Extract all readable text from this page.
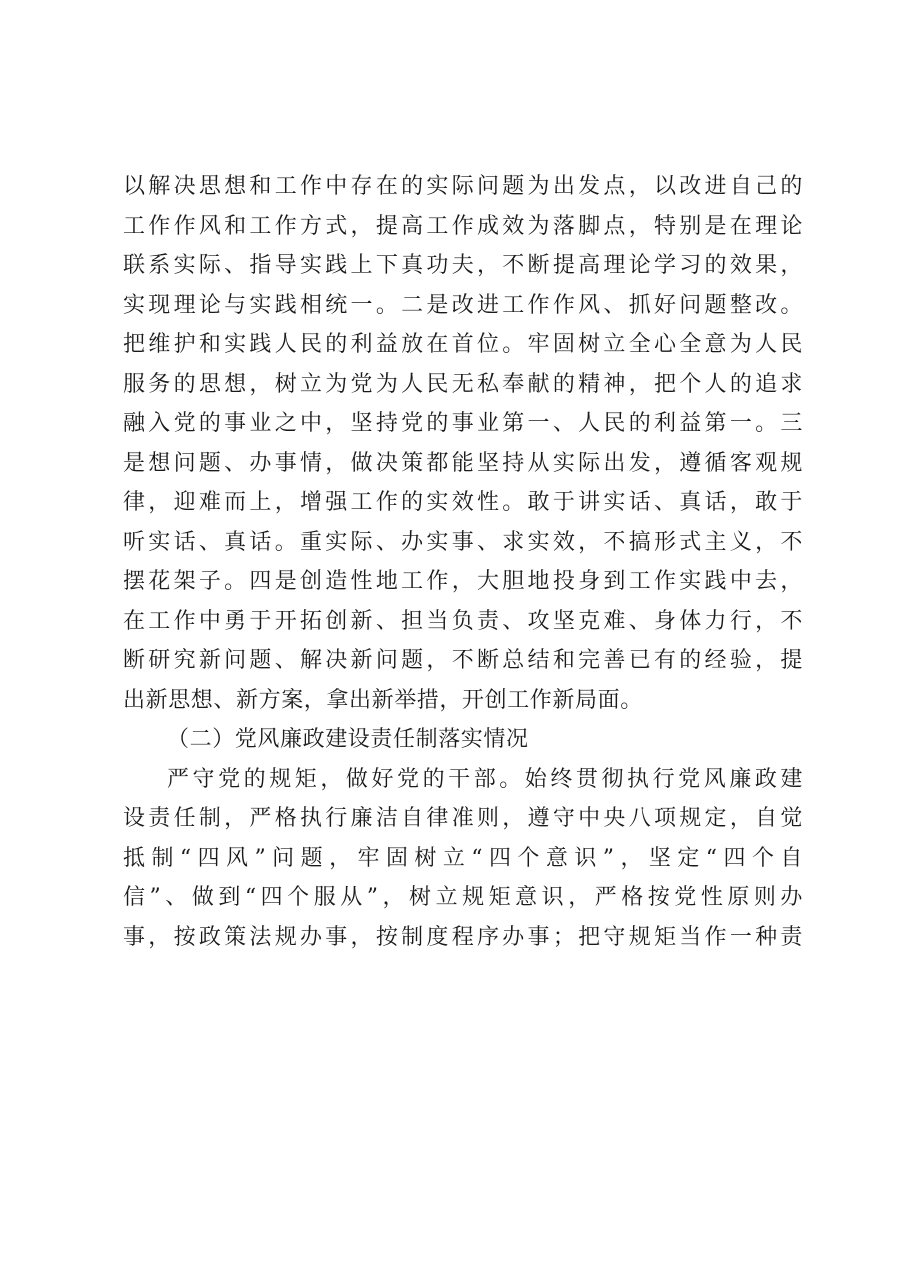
以解决思想和工作中存在的实际问题为出发点，以改进自己的
工作作风和工作方式，提高工作成效为落脚点，特别是在理论
联系实际、指导实践上下真功夫，不断提高理论学习的效果，
实现理论与实践相统一。二是改进工作作风、抓好问题整改。
把维护和实践人民的利益放在首位。牢固树立全心全意为人民
服务的思想，树立为党为人民无私奉献的精神，把个人的追求
融入党的事业之中，坚持党的事业第一、人民的利益第一。三
是想问题、办事情，做决策都能坚持从实际出发，遵循客观规
律，迎难而上，增强工作的实效性。敢于讲实话、真话，敢于
听实话、真话。重实际、办实事、求实效，不搞形式主义，不
摆花架子。四是创造性地工作，大胆地投身到工作实践中去，
在工作中勇于开拓创新、担当负责、攻坚克难、身体力行，不
断研究新问题、解决新问题，不断总结和完善已有的经验，提
出新思想、新方案，拿出新举措，开创工作新局面。
（二）党风廉政建设责任制落实情况
严守党的规矩，做好党的干部。始终贯彻执行党风廉政建
设责任制，严格执行廉洁自律准则，遵守中央八项规定，自觉
抵制“四风”问题，牢固树立“四个意识”，坚定“四个自
信”、做到“四个服从”，树立规矩意识，严格按党性原则办
事，按政策法规办事，按制度程序办事；把守规矩当作一种责
